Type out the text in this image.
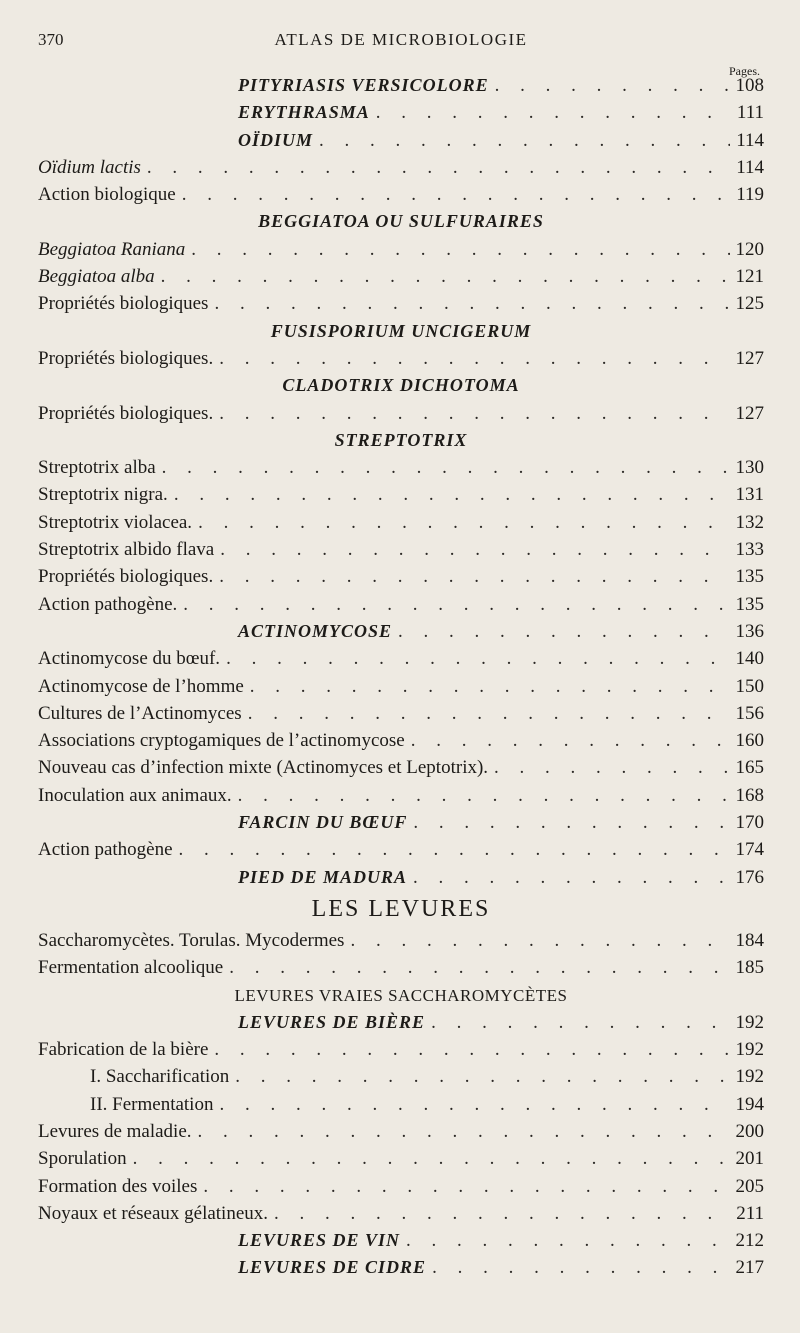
370	ATLAS DE MICROBIOLOGIE
Pages.
PITYRIASIS VERSICOLORE . . .	108
ERYTHRASMA . . .	111
OÏDIUM . . .	114
Oïdium lactis . . .	114
Action biologique . . .	119
BEGGIATOA OU SULFURAIRES
Beggiatoa Raniana . . .	120
Beggiatoa alba . . .	121
Propriétés biologiques . . .	125
FUSISPORIUM UNCIGERUM
Propriétés biologiques. . . .	127
CLADOTRIX DICHOTOMA
Propriétés biologiques. . . .	127
STREPTOTRIX
Streptotrix alba . . .	130
Streptotrix nigra. . . .	131
Streptotrix violacea. . . .	132
Streptotrix albido flava . . .	133
Propriétés biologiques. . . .	135
Action pathogène. . . .	135
ACTINOMYCOSE . . .	136
Actinomycose du bœuf. . . .	140
Actinomycose de l’homme . . .	150
Cultures de l’Actinomyces . . .	156
Associations cryptogamiques de l’actinomycose . . .	160
Nouveau cas d’infection mixte (Actinomyces et Leptotrix). . . .	165
Inoculation aux animaux. . . .	168
FARCIN DU BŒUF . . .	170
Action pathogène . . .	174
PIED DE MADURA . . .	176
LES LEVURES
Saccharomycètes. Torulas. Mycodermes . . .	184
Fermentation alcoolique . . .	185
LEVURES VRAIES SACCHAROMYCÈTES
LEVURES DE BIÈRE . . .	192
Fabrication de la bière . . .	192
I. Saccharification . . .	192
II. Fermentation . . .	194
Levures de maladie. . . .	200
Sporulation . . .	201
Formation des voiles . . .	205
Noyaux et réseaux gélatineux. . . .	211
LEVURES DE VIN . . .	212
LEVURES DE CIDRE . . .	217
